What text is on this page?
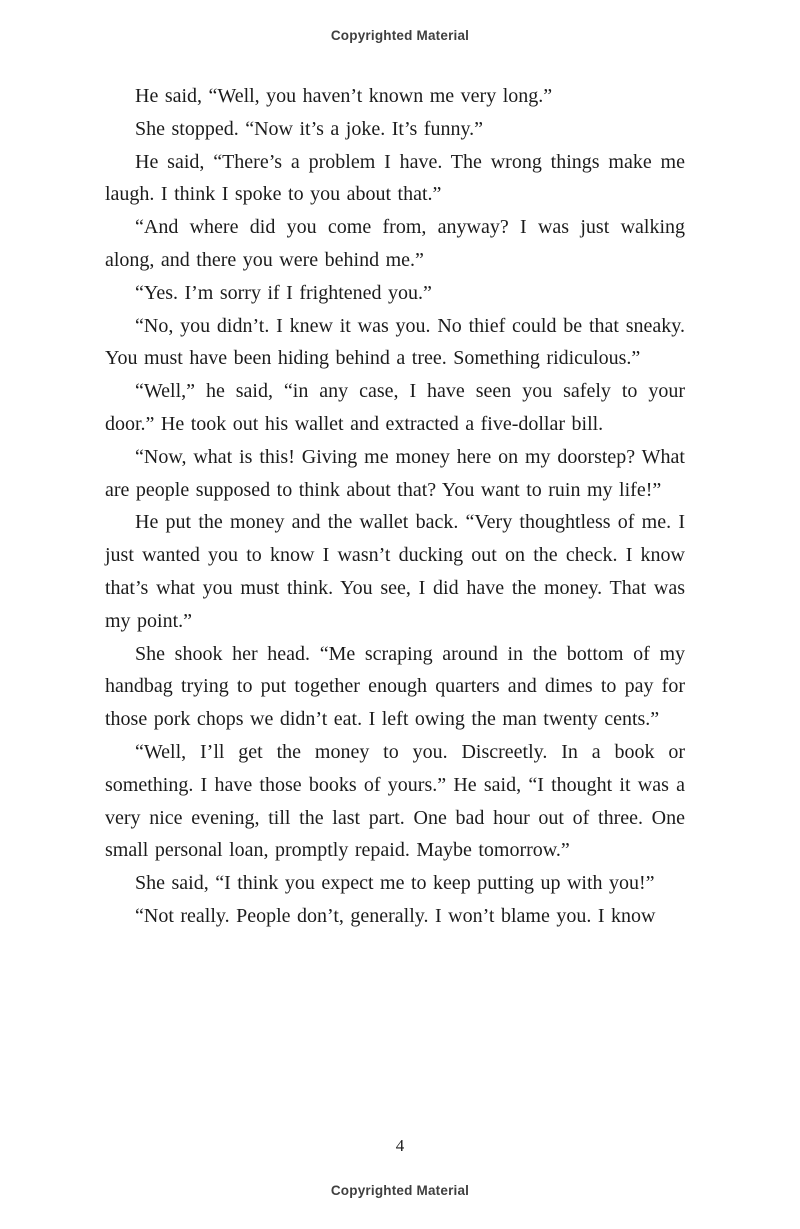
Copyrighted Material

He said, “Well, you haven’t known me very long.”

She stopped. “Now it’s a joke. It’s funny.”

He said, “There’s a problem I have. The wrong things make me laugh. I think I spoke to you about that.”

“And where did you come from, anyway? I was just walking along, and there you were behind me.”

“Yes. I’m sorry if I frightened you.”

“No, you didn’t. I knew it was you. No thief could be that sneaky. You must have been hiding behind a tree. Something ridiculous.”

“Well,” he said, “in any case, I have seen you safely to your door.” He took out his wallet and extracted a five-dollar bill.

“Now, what is this! Giving me money here on my doorstep? What are people supposed to think about that? You want to ruin my life!”

He put the money and the wallet back. “Very thoughtless of me. I just wanted you to know I wasn’t ducking out on the check. I know that’s what you must think. You see, I did have the money. That was my point.”

She shook her head. “Me scraping around in the bottom of my handbag trying to put together enough quarters and dimes to pay for those pork chops we didn’t eat. I left owing the man twenty cents.”

“Well, I’ll get the money to you. Discreetly. In a book or something. I have those books of yours.” He said, “I thought it was a very nice evening, till the last part. One bad hour out of three. One small personal loan, promptly repaid. Maybe tomorrow.”

She said, “I think you expect me to keep putting up with you!”

“Not really. People don’t, generally. I won’t blame you. I know

4
Copyrighted Material
